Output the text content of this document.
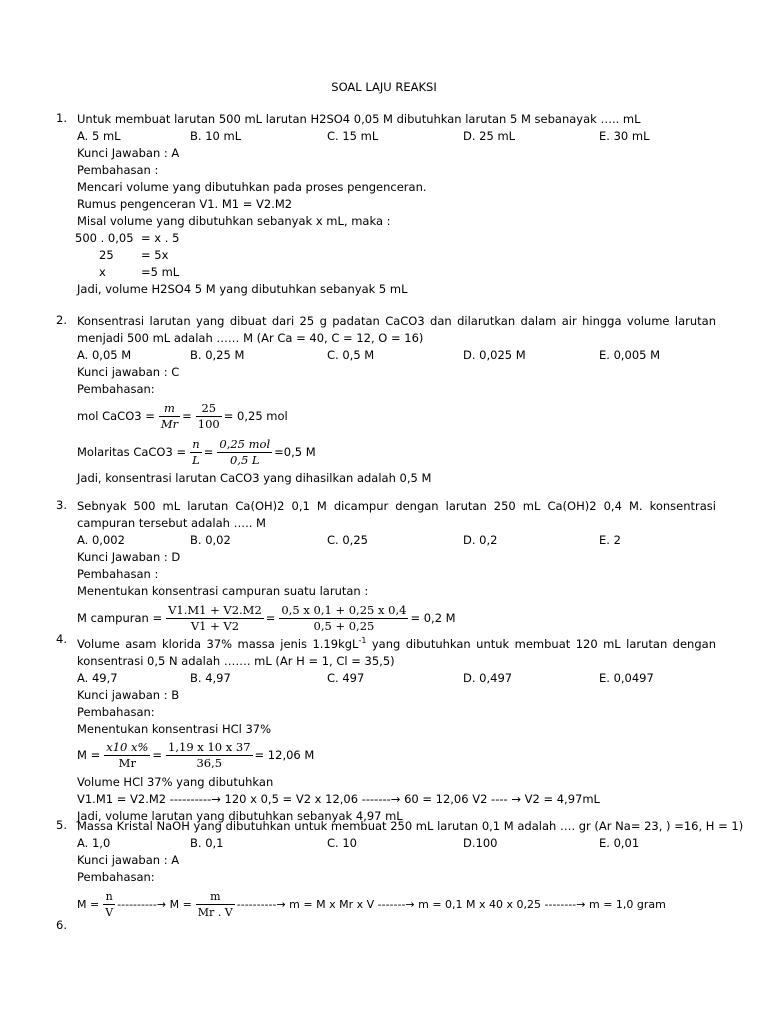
SOAL LAJU REAKSI
1. Untuk membuat larutan 500 mL larutan H2SO4 0,05 M dibutuhkan larutan 5 M sebanayak ….. mL
A. 5 mL	B. 10 mL	C. 15 mL	D. 25 mL	E. 30 mL
Kunci Jawaban : A
Pembahasan :
Mencari volume yang dibutuhkan pada proses pengenceran.
Rumus pengenceran V1. M1 = V2.M2
Misal volume yang dibutuhkan sebanyak x mL, maka :
500 . 0,05 = x . 5
25 = 5x
x	=5 mL
Jadi, volume H2SO4 5 M yang dibutuhkan sebanyak 5 mL
2. Konsentrasi larutan yang dibuat dari 25 g padatan CaCO3 dan dilarutkan dalam air hingga volume larutan menjadi 500 mL adalah …… M (Ar Ca = 40, C = 12, O = 16)
A. 0,05 M	B. 0,25 M	C. 0,5 M	D. 0,025 M	E. 0,005 M
Kunci jawaban : C
Pembahasan:
mol CaCO3 = $\frac{m}{Mr} = \frac{25}{100} = 0,25$ mol
Molaritas CaCO3 = $\frac{n}{L} = \frac{\text{0,25 mol}}{0,5 L} =0,5$ M
Jadi, konsentrasi larutan CaCO3 yang dihasilkan adalah 0,5 M
3. Sebnyak 500 mL larutan Ca(OH)2 0,1 M dicampur dengan larutan 250 mL Ca(OH)2 0,4 M. konsentrasi campuran tersebut adalah ….. M
A. 0,002	B. 0,02	C. 0,25	D. 0,2	E. 2
Kunci Jawaban : D
Pembahasan :
Menentukan konsentrasi campuran suatu larutan :
M campuran = $\frac{V1.M1 + V2.M2}{V1 + V2} = \frac{0,5 x 0,1 + 0,25 x 0,4}{0,5 + 0,25} = 0,2$ M
4. Volume asam klorida 37% massa jenis 1.19kgL$^{-1}$ yang dibutuhkan untuk membuat 120 mL larutan dengan konsentrasi 0,5 N adalah ……. mL (Ar H = 1, Cl = 35,5)
A. 49,7	B. 4,97	C. 497	D. 0,497	E. 0,0497
Kunci jawaban : B
Pembahasan:
Menentukan konsentrasi HCl 37%
$M = \frac{x10 x\%}{Mr} = \frac{1,19 x 10 x 37}{36,5} = 12,06$ M
Volume HCl 37% yang dibutuhkan
V1.M1 = V2.M2 ----------→ 120 x 0,5 = V2 x 12,06 -------→ 60 = 12,06 V2 ---- → V2 = 4,97mL
Jadi, volume larutan yang dibutuhkan sebanyak 4,97 mL
5. Massa Kristal NaOH yang dibutuhkan untuk membuat 250 mL larutan 0,1 M adalah …. gr (Ar Na= 23, ) =16, H = 1)
A. 1,0	B. 0,1	C. 10	D.100	E. 0,01
Kunci jawaban : A
Pembahasan:
$M = \frac{n}{V}$ ----------→ $M = \frac{m}{Mr . V}$ ----------→ m = M x Mr x V -------→ m = 0,1 M x 40 x 0,25 --------→ m = 1,0 gram
6.
